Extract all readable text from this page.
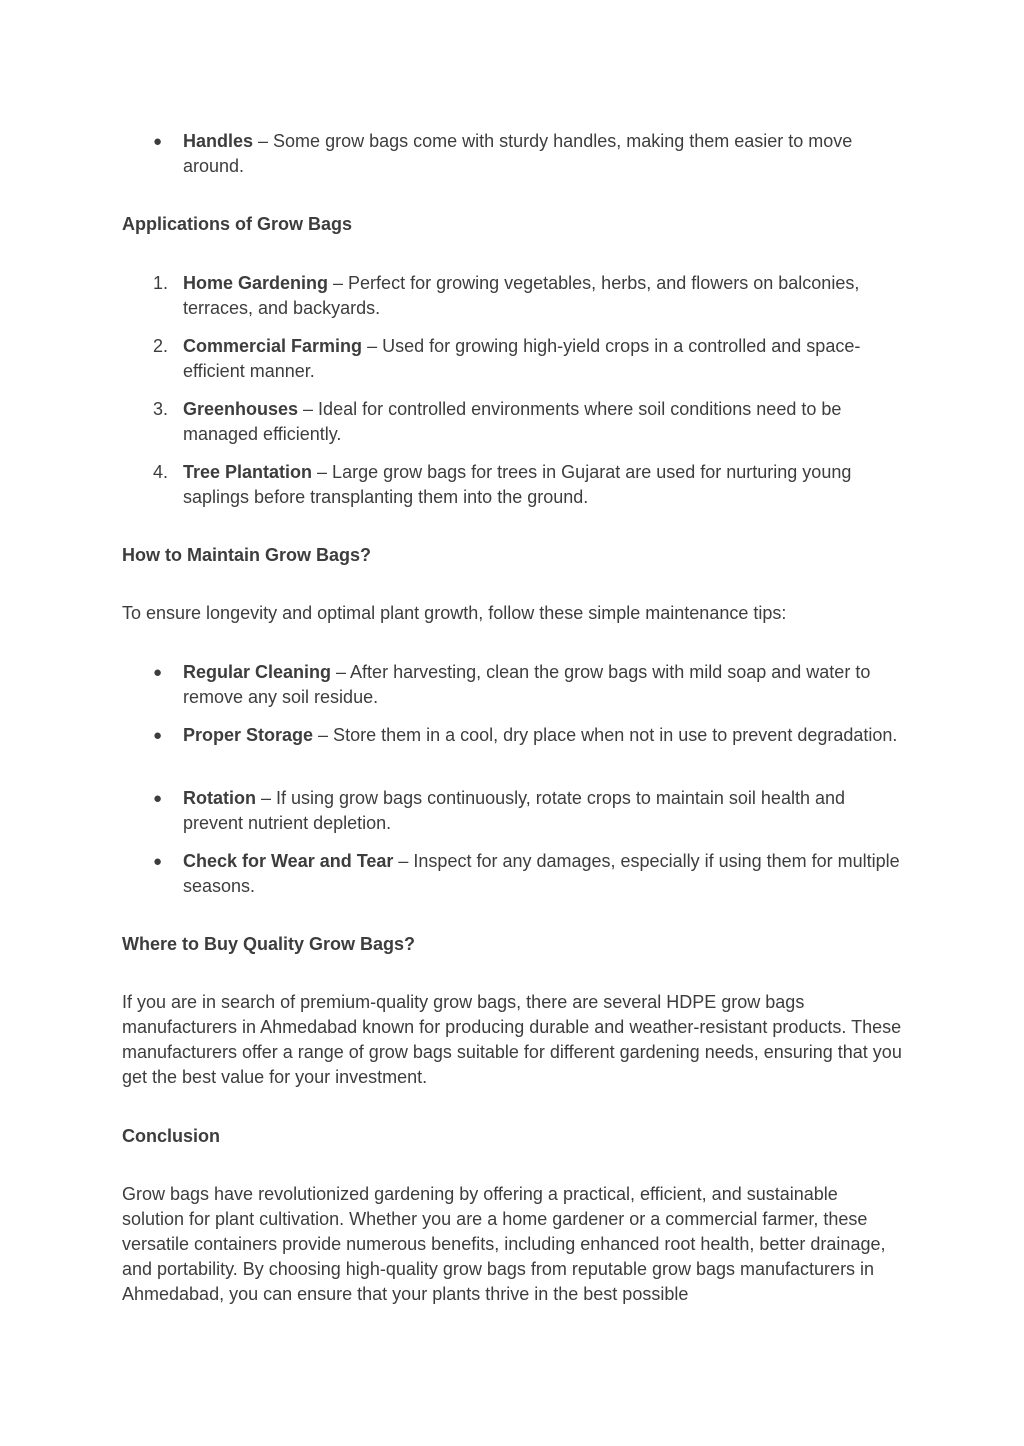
●	Handles – Some grow bags come with sturdy handles, making them easier to move around.
Applications of Grow Bags
1. Home Gardening – Perfect for growing vegetables, herbs, and flowers on balconies, terraces, and backyards.
2. Commercial Farming – Used for growing high-yield crops in a controlled and space-efficient manner.
3. Greenhouses – Ideal for controlled environments where soil conditions need to be managed efficiently.
4. Tree Plantation – Large grow bags for trees in Gujarat are used for nurturing young saplings before transplanting them into the ground.
How to Maintain Grow Bags?
To ensure longevity and optimal plant growth, follow these simple maintenance tips:
●	Regular Cleaning – After harvesting, clean the grow bags with mild soap and water to remove any soil residue.
●	Proper Storage – Store them in a cool, dry place when not in use to prevent degradation.
●	Rotation – If using grow bags continuously, rotate crops to maintain soil health and prevent nutrient depletion.
●	Check for Wear and Tear – Inspect for any damages, especially if using them for multiple seasons.
Where to Buy Quality Grow Bags?
If you are in search of premium-quality grow bags, there are several HDPE grow bags manufacturers in Ahmedabad known for producing durable and weather-resistant products. These manufacturers offer a range of grow bags suitable for different gardening needs, ensuring that you get the best value for your investment.
Conclusion
Grow bags have revolutionized gardening by offering a practical, efficient, and sustainable solution for plant cultivation. Whether you are a home gardener or a commercial farmer, these versatile containers provide numerous benefits, including enhanced root health, better drainage, and portability. By choosing high-quality grow bags from reputable grow bags manufacturers in Ahmedabad, you can ensure that your plants thrive in the best possible
